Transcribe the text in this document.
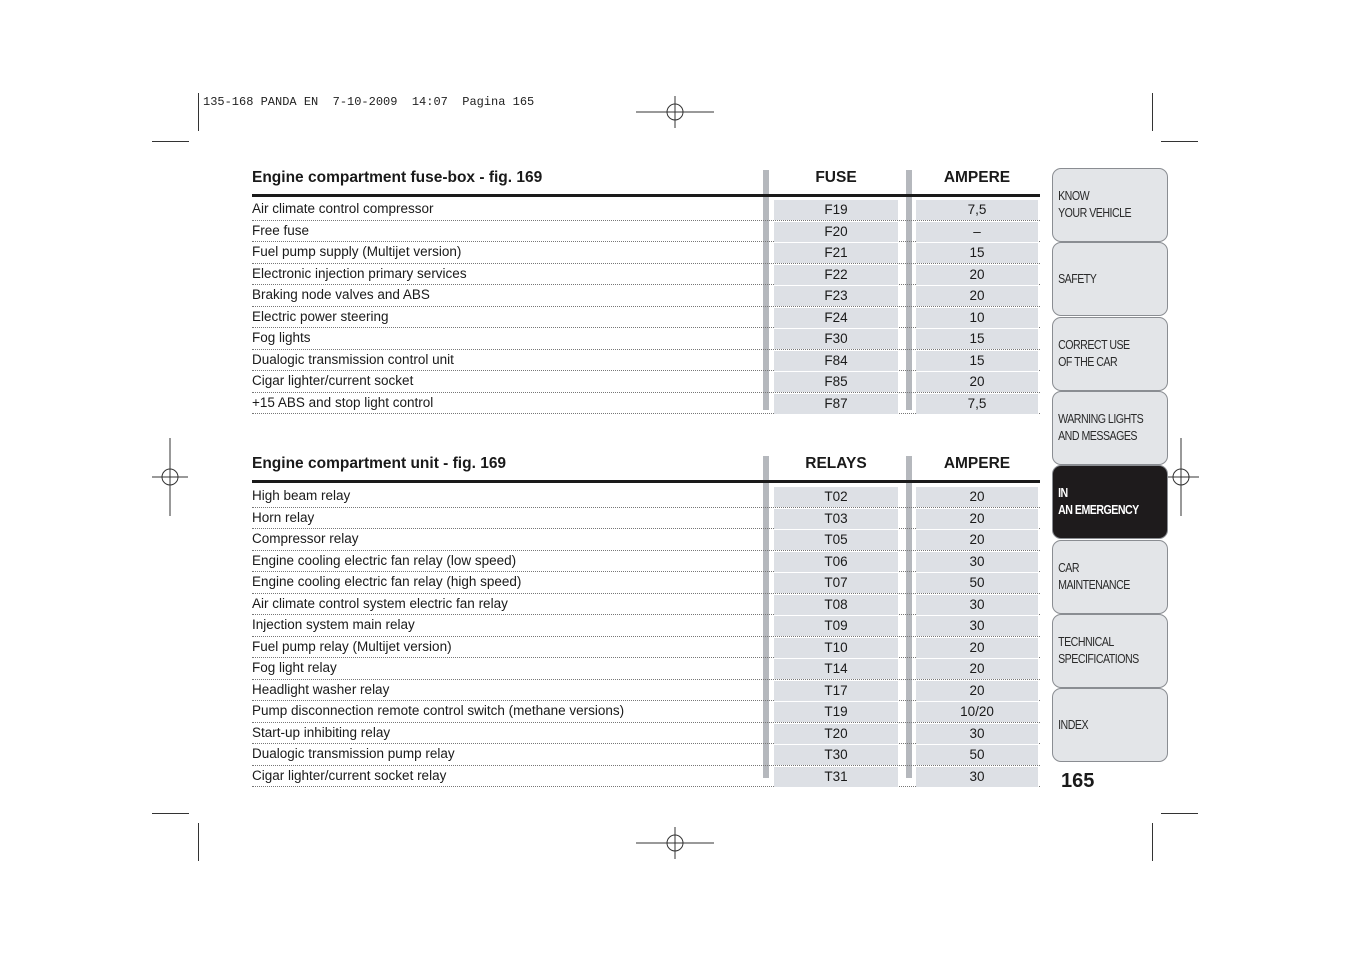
135-168 PANDA EN  7-10-2009  14:07  Pagina 165
Engine compartment fuse-box - fig. 169	FUSE	AMPERE
Air climate control compressor	F19	7,5
Free fuse	F20	–
Fuel pump supply (Multijet version)	F21	15
Electronic injection primary services	F22	20
Braking node valves and ABS	F23	20
Electric power steering	F24	10
Fog lights	F30	15
Dualogic transmission control unit	F84	15
Cigar lighter/current socket	F85	20
+15 ABS and stop light control	F87	7,5
Engine compartment unit - fig. 169	RELAYS	AMPERE
High beam relay	T02	20
Horn relay	T03	20
Compressor relay	T05	20
Engine cooling electric fan relay (low speed)	T06	30
Engine cooling electric fan relay (high speed)	T07	50
Air climate control system electric fan relay	T08	30
Injection system main relay	T09	30
Fuel pump relay (Multijet version)	T10	20
Fog light relay	T14	20
Headlight washer relay	T17	20
Pump disconnection remote control switch (methane versions)	T19	10/20
Start-up inhibiting relay	T20	30
Dualogic transmission pump relay	T30	50
Cigar lighter/current socket relay	T31	30
KNOW
YOUR VEHICLE
SAFETY
CORRECT USE
OF THE CAR
WARNING LIGHTS
AND MESSAGES
IN
AN EMERGENCY
CAR
MAINTENANCE
TECHNICAL
SPECIFICATIONS
INDEX
165
